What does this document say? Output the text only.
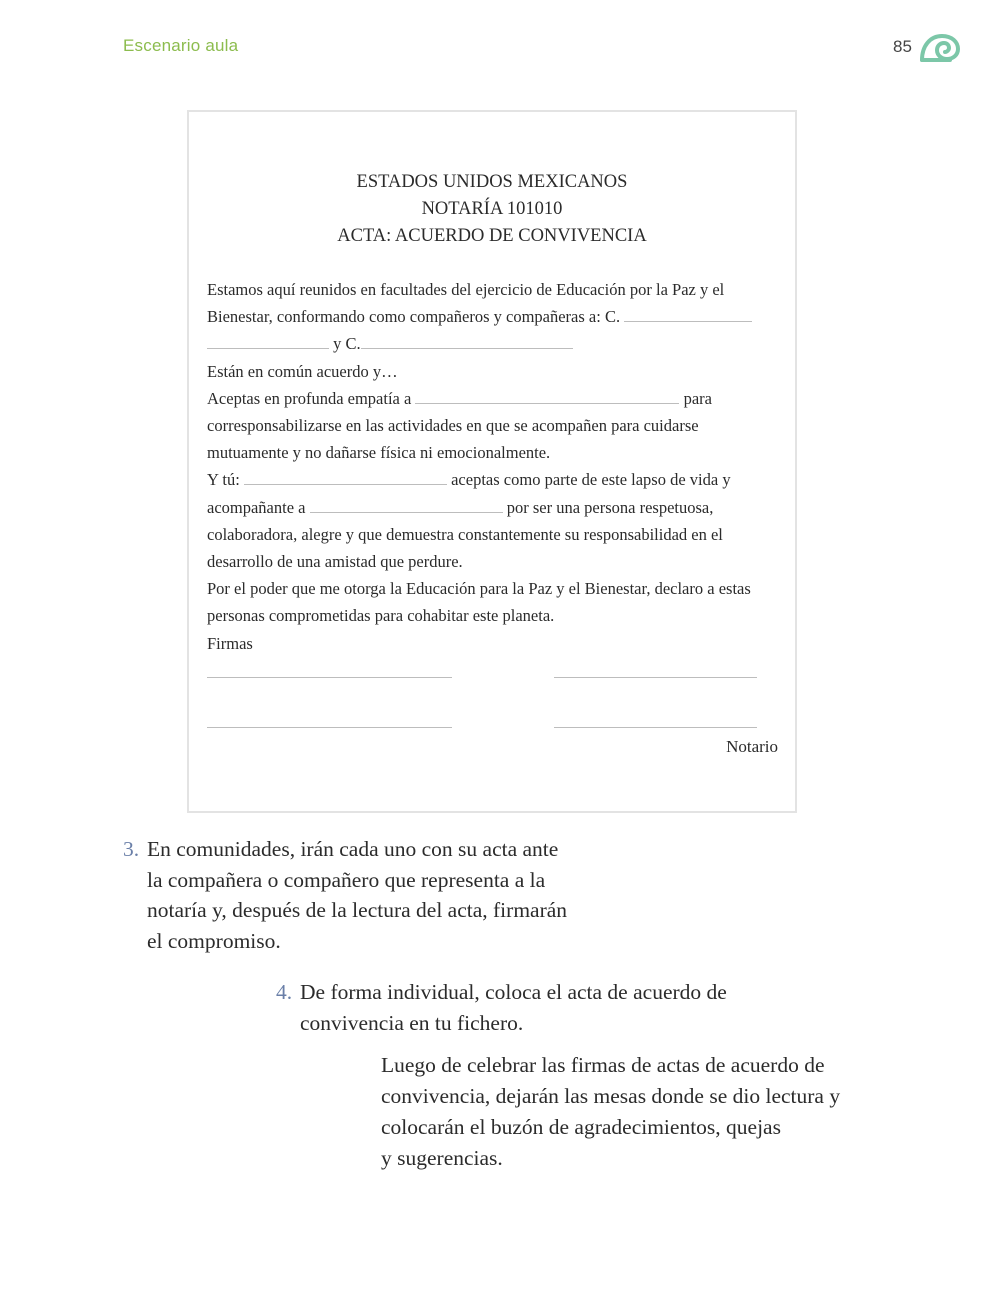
Escenario aula	85
ESTADOS UNIDOS MEXICANOS
NOTARÍA 101010
ACTA: ACUERDO DE CONVIVENCIA

Estamos aquí reunidos en facultades del ejercicio de Educación por la Paz y el

Bienestar, conformando como compañeros y compañeras a: C.

y C.

Están en común acuerdo y…

Aceptas en profunda empatía a	para

corresponsabilizarse en las actividades en que se acompañen para cuidarse

mutuamente y no dañarse física ni emocionalmente.

Y tú:	aceptas como parte de este lapso de vida y

acompañante a	por ser una persona respetuosa,

colaboradora, alegre y que demuestra constantemente su responsabilidad en el

desarrollo de una amistad que perdure.

Por el poder que me otorga la Educación para la Paz y el Bienestar, declaro a estas

personas comprometidas para cohabitar este planeta.

Firmas

Notario
3. En comunidades, irán cada uno con su acta ante

la compañera o compañero que representa a la

notaría y, después de la lectura del acta, firmarán

el compromiso.

4. De forma individual, coloca el acta de acuerdo de

convivencia en tu fichero.

Luego de celebrar las firmas de actas de acuerdo de

convivencia, dejarán las mesas donde se dio lectura y

colocarán el buzón de agradecimientos, quejas

y sugerencias.
